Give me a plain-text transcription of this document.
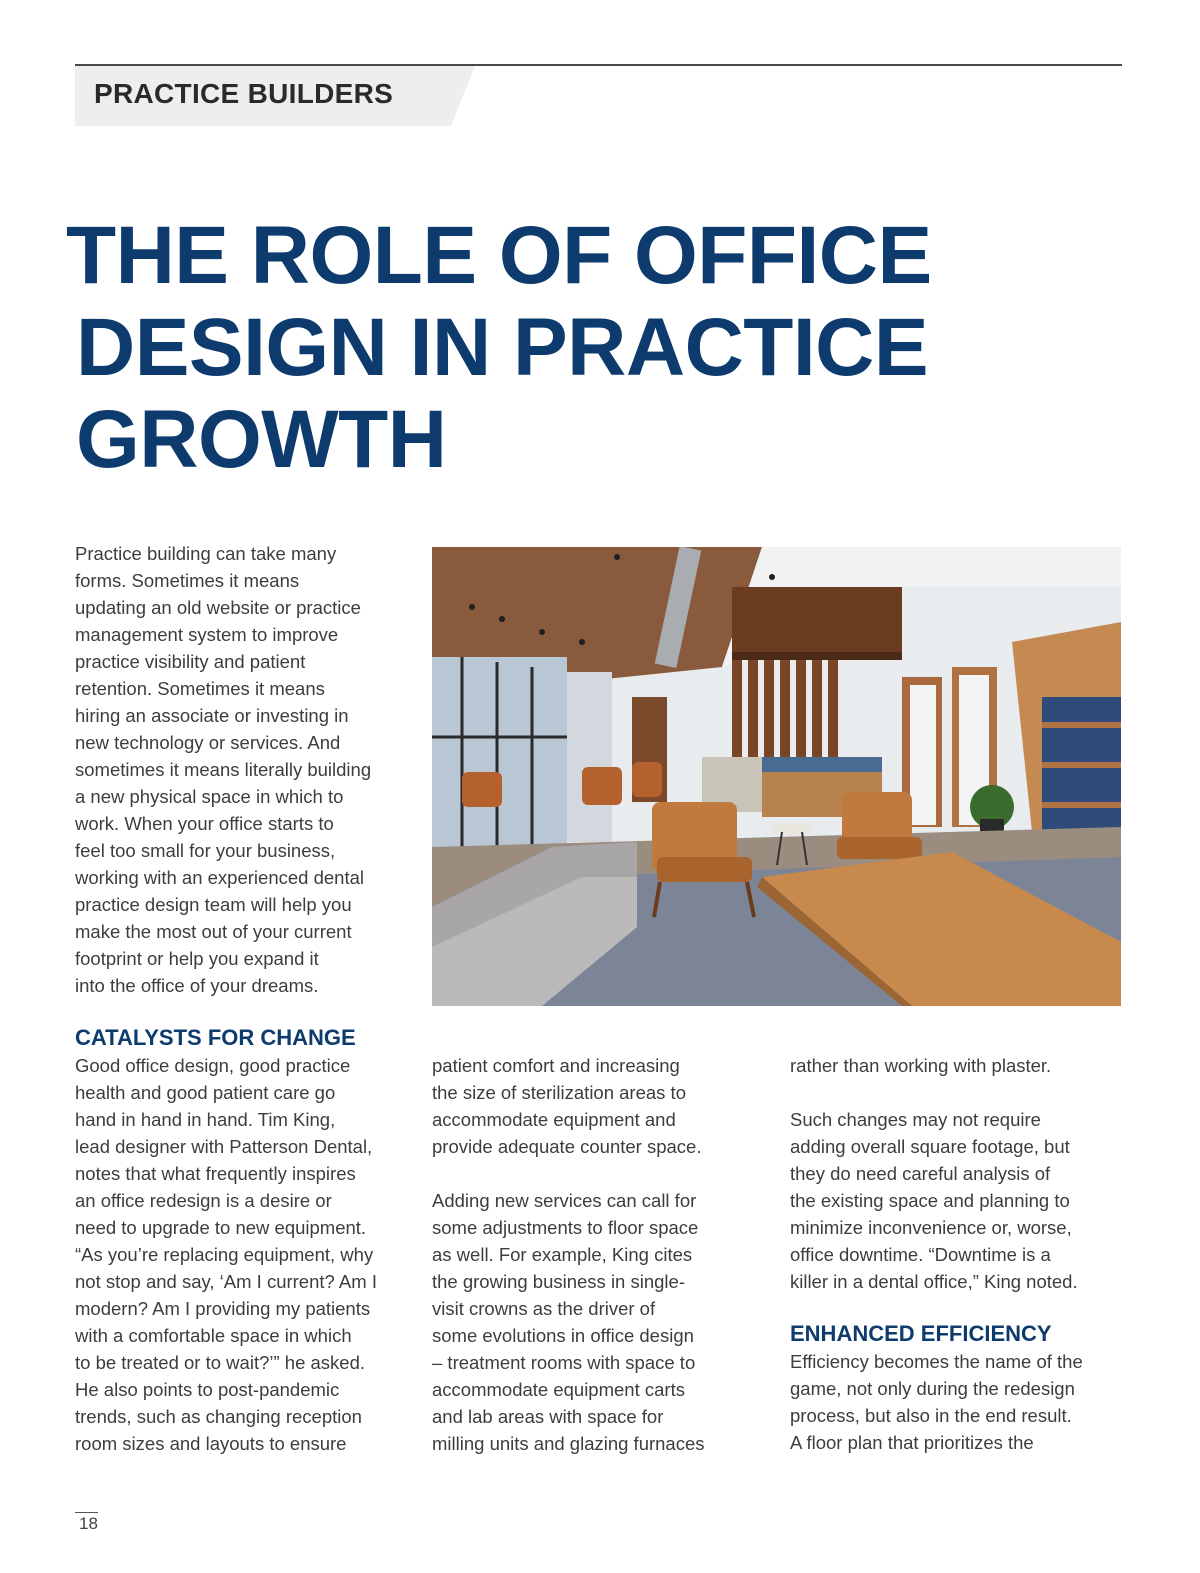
PRACTICE BUILDERS
THE ROLE OF OFFICE
DESIGN IN PRACTICE
GROWTH
Practice building can take many
forms. Sometimes it means
updating an old website or practice
management system to improve
practice visibility and patient
retention. Sometimes it means
hiring an associate or investing in
new technology or services. And
sometimes it means literally building
a new physical space in which to
work. When your office starts to
feel too small for your business,
working with an experienced dental
practice design team will help you
make the most out of your current
footprint or help you expand it
into the office of your dreams.
CATALYSTS FOR CHANGE
Good office design, good practice
health and good patient care go
hand in hand in hand. Tim King,
lead designer with Patterson Dental,
notes that what frequently inspires
an office redesign is a desire or
need to upgrade to new equipment.
“As you’re replacing equipment, why
not stop and say, ‘Am I current? Am I
modern? Am I providing my patients
with a comfortable space in which
to be treated or to wait?’” he asked.
He also points to post-pandemic
trends, such as changing reception
room sizes and layouts to ensure
patient comfort and increasing
the size of sterilization areas to
accommodate equipment and
provide adequate counter space.

Adding new services can call for
some adjustments to floor space
as well. For example, King cites
the growing business in single-
visit crowns as the driver of
some evolutions in office design
– treatment rooms with space to
accommodate equipment carts
and lab areas with space for
milling units and glazing furnaces
rather than working with plaster.

Such changes may not require
adding overall square footage, but
they do need careful analysis of
the existing space and planning to
minimize inconvenience or, worse,
office downtime. “Downtime is a
killer in a dental office,” King noted.
ENHANCED EFFICIENCY
Efficiency becomes the name of the
game, not only during the redesign
process, but also in the end result.
A floor plan that prioritizes the
18
